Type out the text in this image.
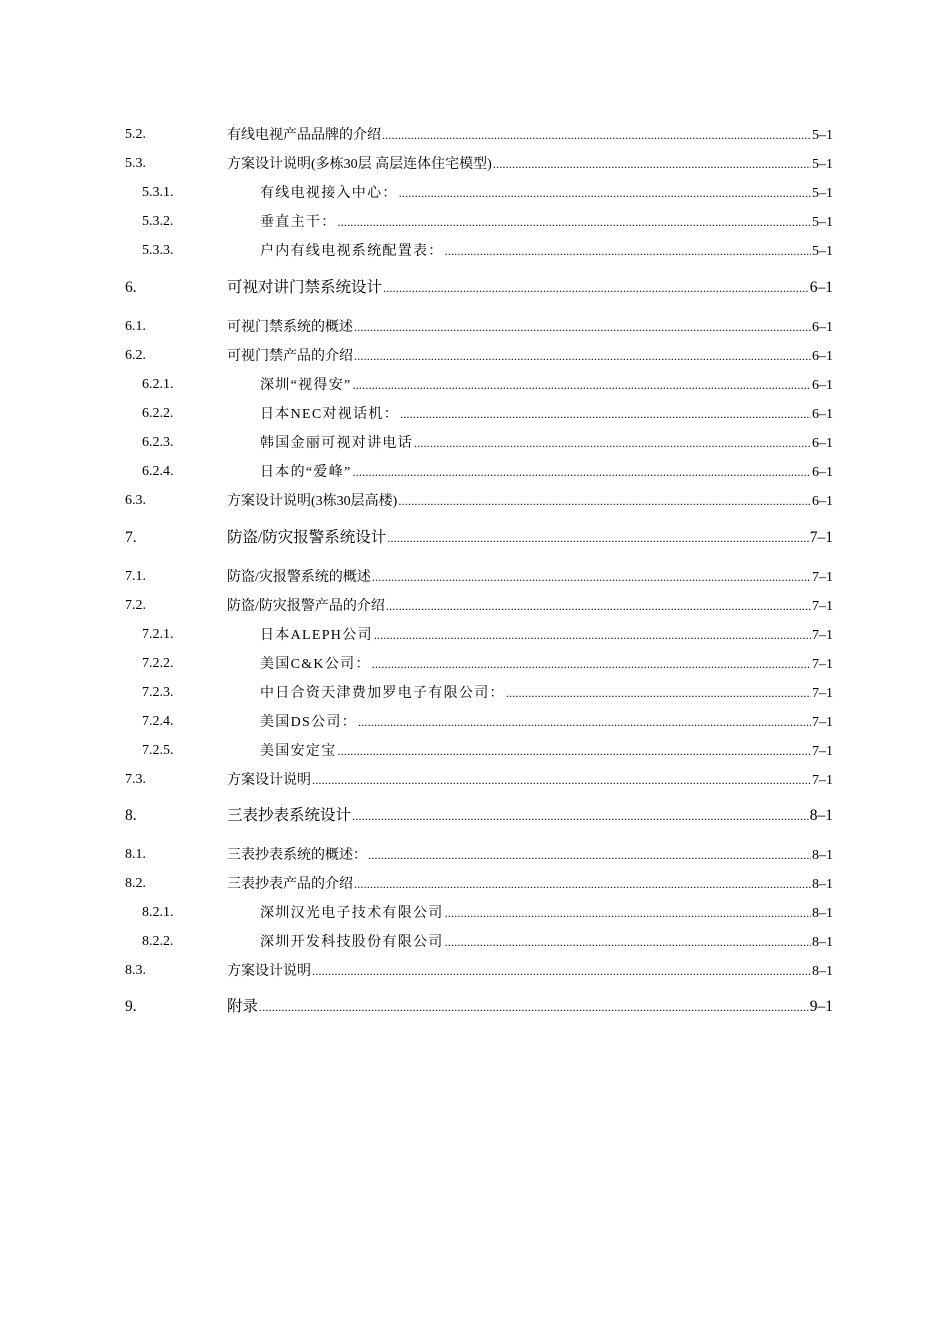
5.2.	有线电视产品品牌的介绍 .....	5–1
5.3.	方案设计说明(多栋30层 高层连体住宅模型) .....	5–1
5.3.1.	有线电视接入中心： .....	5–1
5.3.2.	垂直主干： .....	5–1
5.3.3.	户内有线电视系统配置表： .....	5–1
6.	可视对讲门禁系统设计 .....	6–1
6.1.	可视门禁系统的概述 .....	6–1
6.2.	可视门禁产品的介绍 .....	6–1
6.2.1.	深圳“视得安” .....	6–1
6.2.2.	日本NEC对视话机： .....	6–1
6.2.3.	韩国金丽可视对讲电话 .....	6–1
6.2.4.	日本的“爱峰” .....	6–1
6.3.	方案设计说明(3栋30层高楼) .....	6–1
7.	防盗/防灾报警系统设计 .....	7–1
7.1.	防盗/灾报警系统的概述 .....	7–1
7.2.	防盗/防灾报警产品的介绍 .....	7–1
7.2.1.	日本ALEPH公司 .....	7–1
7.2.2.	美国C&K公司： .....	7–1
7.2.3.	中日合资天津费加罗电子有限公司： .....	7–1
7.2.4.	美国DS公司： .....	7–1
7.2.5.	美国安定宝 .....	7–1
7.3.	方案设计说明 .....	7–1
8.	三表抄表系统设计 .....	8–1
8.1.	三表抄表系统的概述： .....	8–1
8.2.	三表抄表产品的介绍 .....	8–1
8.2.1.	深圳汉光电子技术有限公司 .....	8–1
8.2.2.	深圳开发科技股份有限公司 .....	8–1
8.3.	方案设计说明 .....	8–1
9.	附录 .....	9–1
